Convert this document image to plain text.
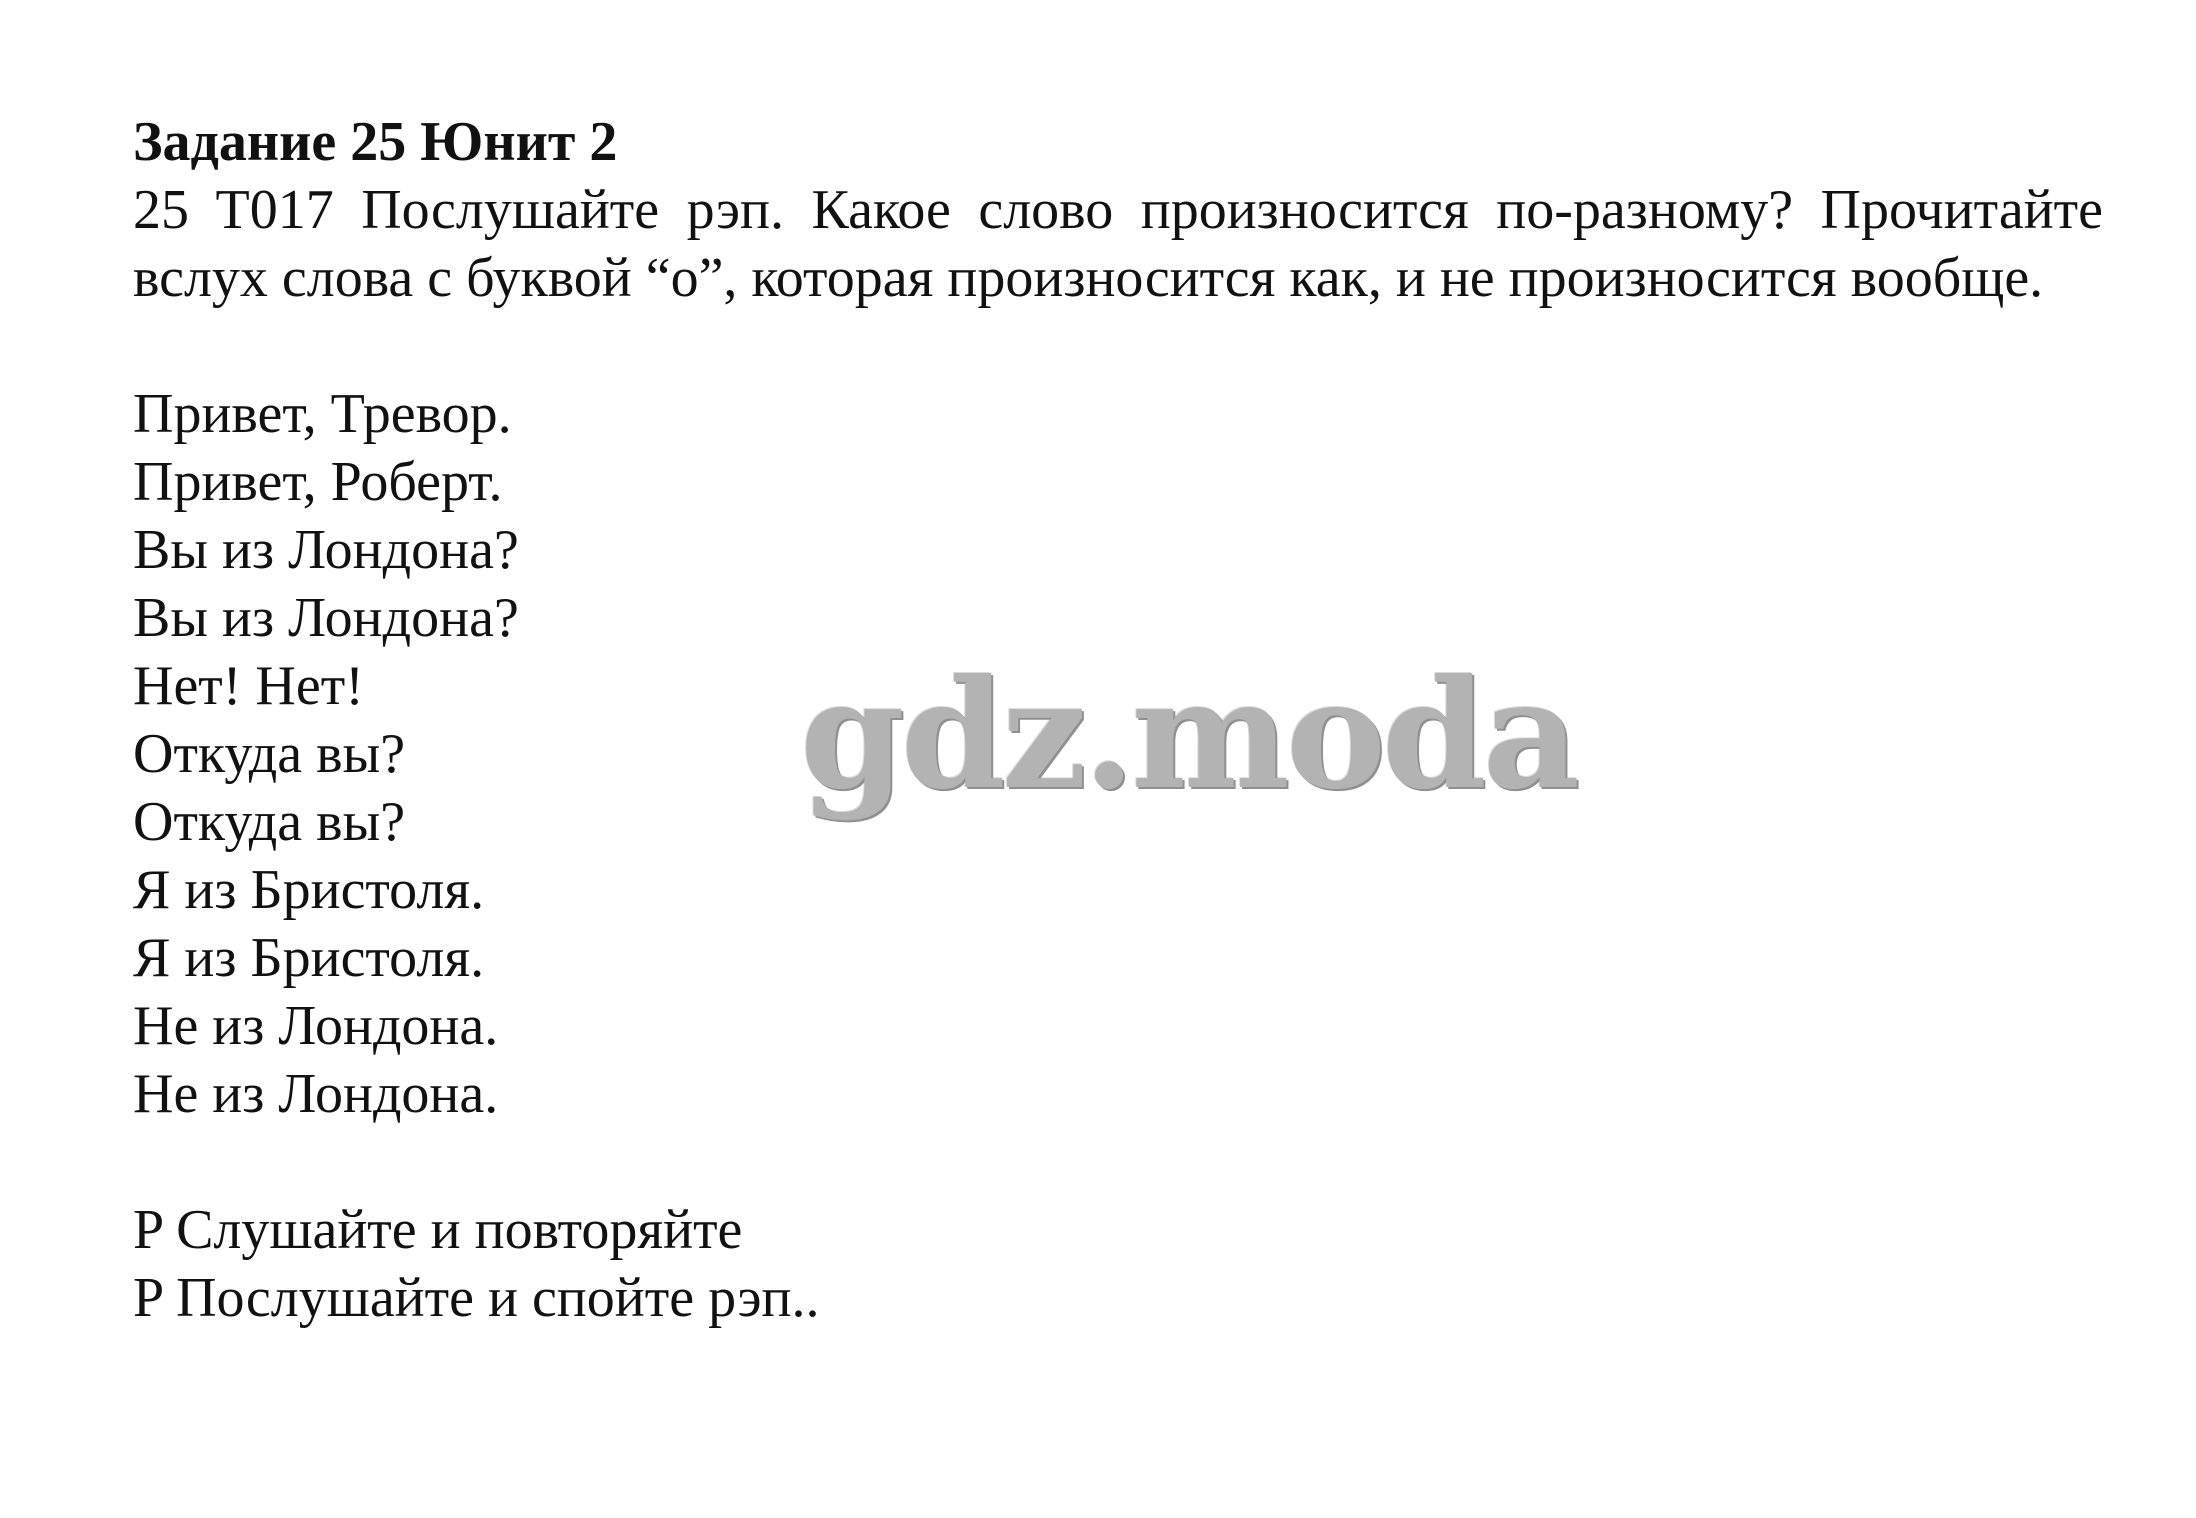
Задание 25 Юнит 2

25 T017 Послушайте рэп. Какое слово произносится по-разному? Прочитайте вслух слова с буквой “о”, которая произносится как, и не произносится вообще.

Привет, Тревор.

Привет, Роберт.

Вы из Лондона?

Вы из Лондона?

Нет! Нет!

Откуда вы?

Откуда вы?

Я из Бристоля.

Я из Бристоля.

Не из Лондона.

Не из Лондона.

P Слушайте и повторяйте

P Послушайте и спойте рэп..

gdz.moda
